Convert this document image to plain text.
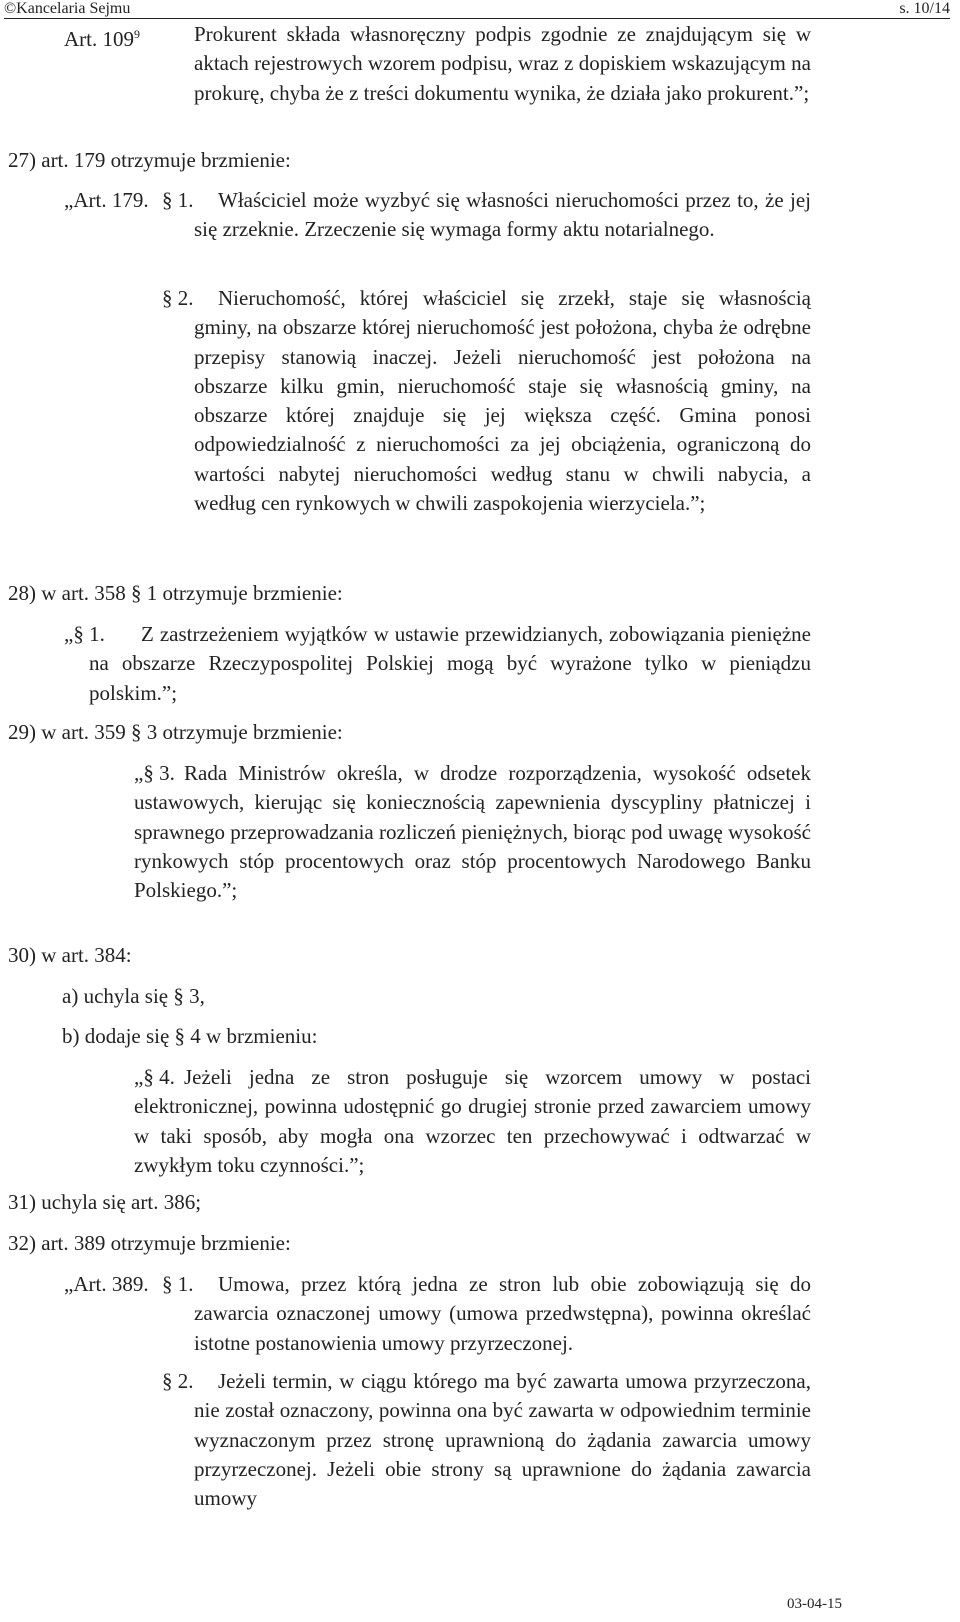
©Kancelaria Sejmu	s. 10/14
Art. $109^9$	Prokurent składa własnoręczny podpis zgodnie ze znajdującym się w aktach rejestrowych wzorem podpisu, wraz z dopiskiem wskazującym na prokurę, chyba że z treści dokumentu wynika, że działa jako prokurent.”;

27) art. 179 otrzymuje brzmienie:
„Art. 179. § 1.	Właściciel może wyzbyć się własności nieruchomości przez to, że jej się zrzeknie. Zrzeczenie się wymaga formy aktu notarialnego.

§ 2.	Nieruchomość, której właściciel się zrzekł, staje się własnością gminy, na obszarze której nieruchomość jest położona, chyba że odrębne przepisy stanowią inaczej. Jeżeli nieruchomość jest położona na obszarze kilku gmin, nieruchomość staje się własnością gminy, na obszarze której znajduje się jej większa część. Gmina ponosi odpowiedzialność z nieruchomości za jej obciążenia, ograniczoną do wartości nabytej nieruchomości według stanu w chwili nabycia, a według cen rynkowych w chwili zaspokojenia wierzyciela.”;

28) w art. 358 § 1 otrzymuje brzmienie:
„§ 1.	Z zastrzeżeniem wyjątków w ustawie przewidzianych, zobowiązania pieniężne na obszarze Rzeczypospolitej Polskiej mogą być wyrażone tylko w pieniądzu polskim.”;

29) w art. 359 § 3 otrzymuje brzmienie:
„§ 3. Rada Ministrów określa, w drodze rozporządzenia, wysokość odsetek ustawowych, kierując się koniecznością zapewnienia dyscypliny płatniczej i sprawnego przeprowadzania rozliczeń pieniężnych, biorąc pod uwagę wysokość rynkowych stóp procentowych oraz stóp procentowych Narodowego Banku Polskiego.”;

30) w art. 384:
a) uchyla się § 3,
b) dodaje się § 4 w brzmieniu:
„§ 4. Jeżeli jedna ze stron posługuje się wzorcem umowy w postaci elektronicznej, powinna udostępnić go drugiej stronie przed zawarciem umowy w taki sposób, aby mogła ona wzorzec ten przechowywać i odtwarzać w zwykłym toku czynności.”;

31) uchyla się art. 386;
32) art. 389 otrzymuje brzmienie:
„Art. 389. § 1.	Umowa, przez którą jedna ze stron lub obie zobowiązują się do zawarcia oznaczonej umowy (umowa przedwstępna), powinna określać istotne postanowienia umowy przyrzeczonej.

§ 2.	Jeżeli termin, w ciągu którego ma być zawarta umowa przyrzeczona, nie został oznaczony, powinna ona być zawarta w odpowiednim terminie wyznaczonym przez stronę uprawnioną do żądania zawarcia umowy przyrzeczonej. Jeżeli obie strony są uprawnione do żądania zawarcia umowy

03-04-15
